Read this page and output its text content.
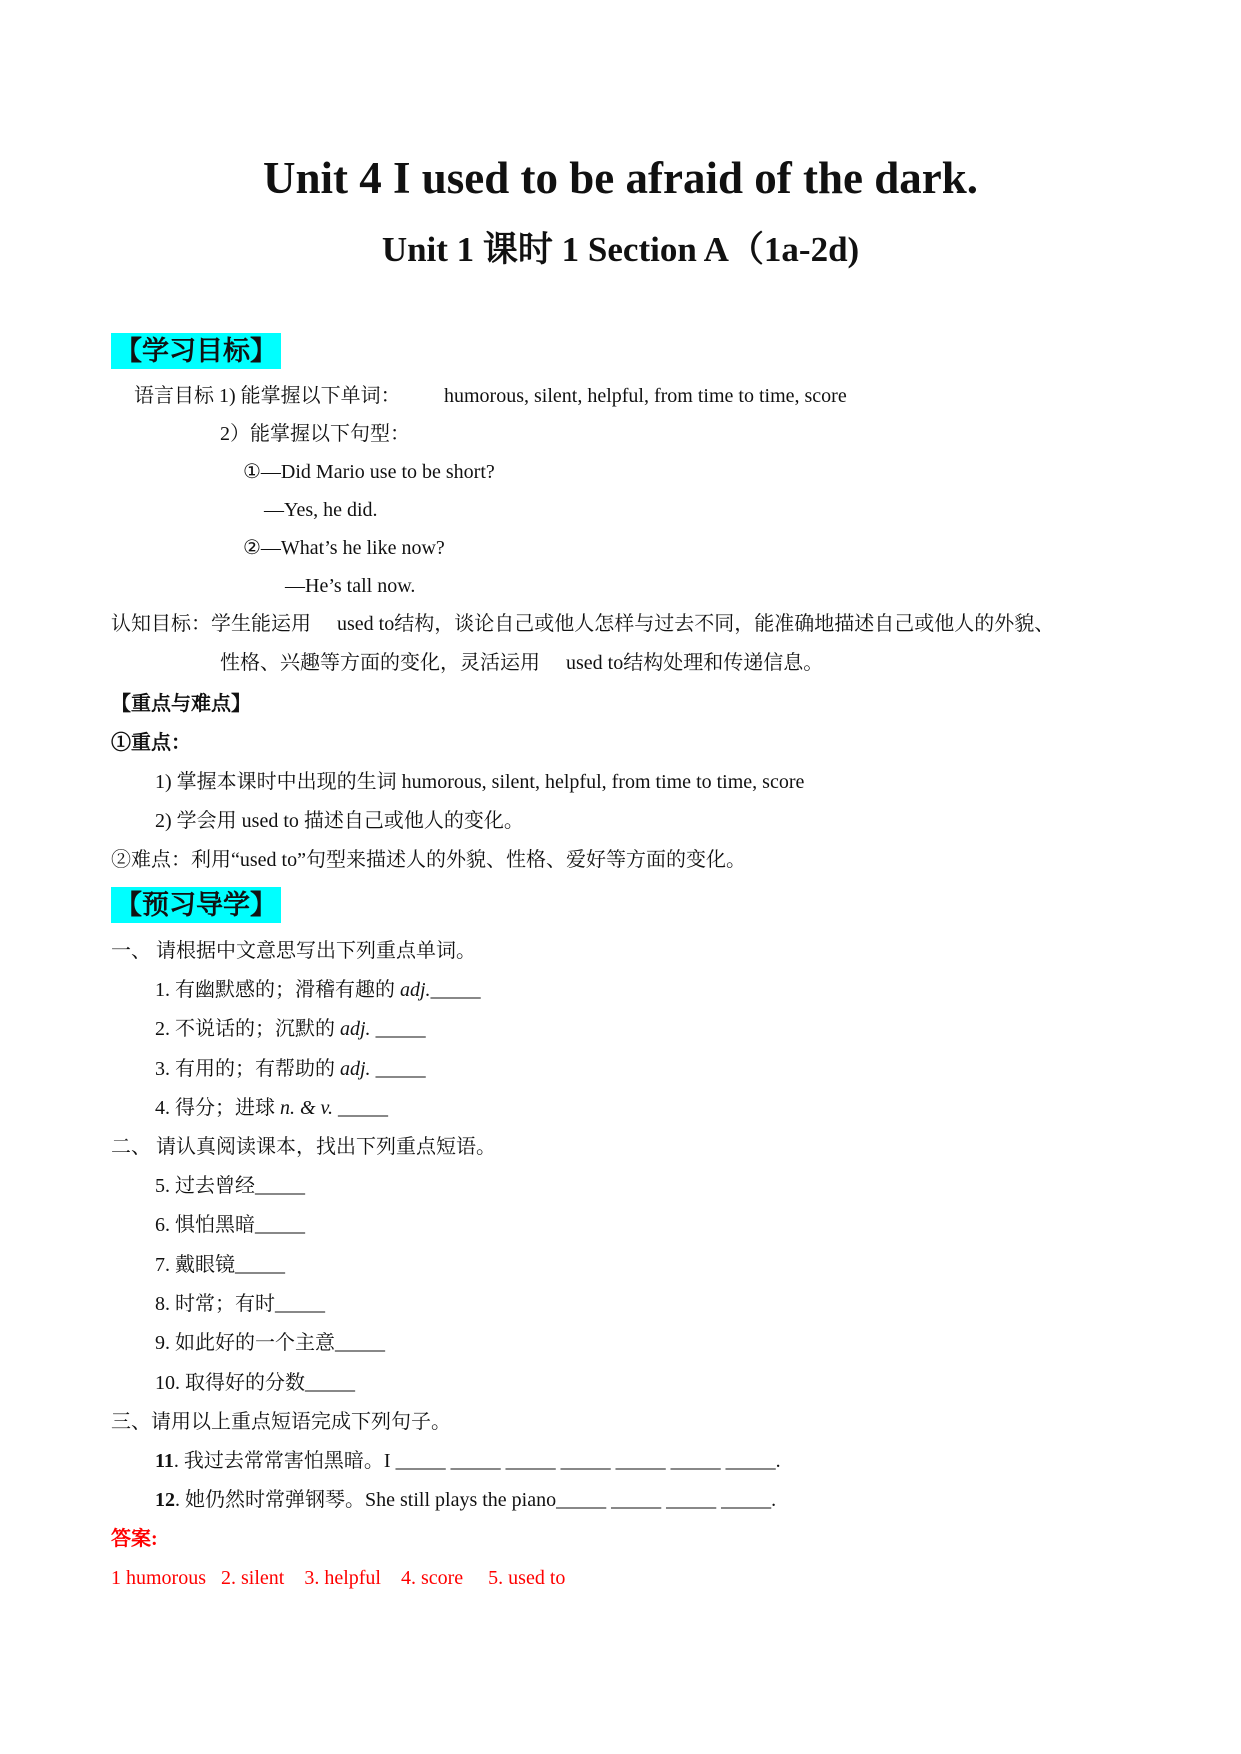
Unit 4 I used to be afraid of the dark.
Unit 1 课时 1 Section A（1a-2d)
【学习目标】
语言目标 1) 能掌握以下单词： humorous, silent, helpful, from time to time, score
2）能掌握以下句型：
①—Did Mario use to be short?
—Yes, he did.
②—What’s he like now?
—He’s tall now.
认知目标：学生能运用 used to结构，谈论自己或他人怎样与过去不同，能准确地描述自己或他人的外貌、
性格、兴趣等方面的变化，灵活运用 used to结构处理和传递信息。
【重点与难点】
①重点：
1) 掌握本课时中出现的生词 humorous, silent, helpful, from time to time, score
2) 学会用 used to 描述自己或他人的变化。
②难点：利用“used to”句型来描述人的外貌、性格、爱好等方面的变化。
【预习导学】
一、 请根据中文意思写出下列重点单词。
1. 有幽默感的；滑稽有趣的 adj._____
2. 不说话的；沉默的 adj. _____
3. 有用的；有帮助的 adj. _____
4. 得分；进球 n. & v. _____
二、 请认真阅读课本，找出下列重点短语。
5. 过去曾经_____
6. 惧怕黑暗_____
7. 戴眼镜_____
8. 时常；有时_____
9. 如此好的一个主意_____
10. 取得好的分数_____
三、请用以上重点短语完成下列句子。
11. 我过去常常害怕黑暗。I _____ _____ _____ _____ _____ _____ _____.
12. 她仍然时常弹钢琴。She still plays the piano_____ _____ _____ _____.
答案:
1 humorous   2. silent    3. helpful    4. score     5. used to
